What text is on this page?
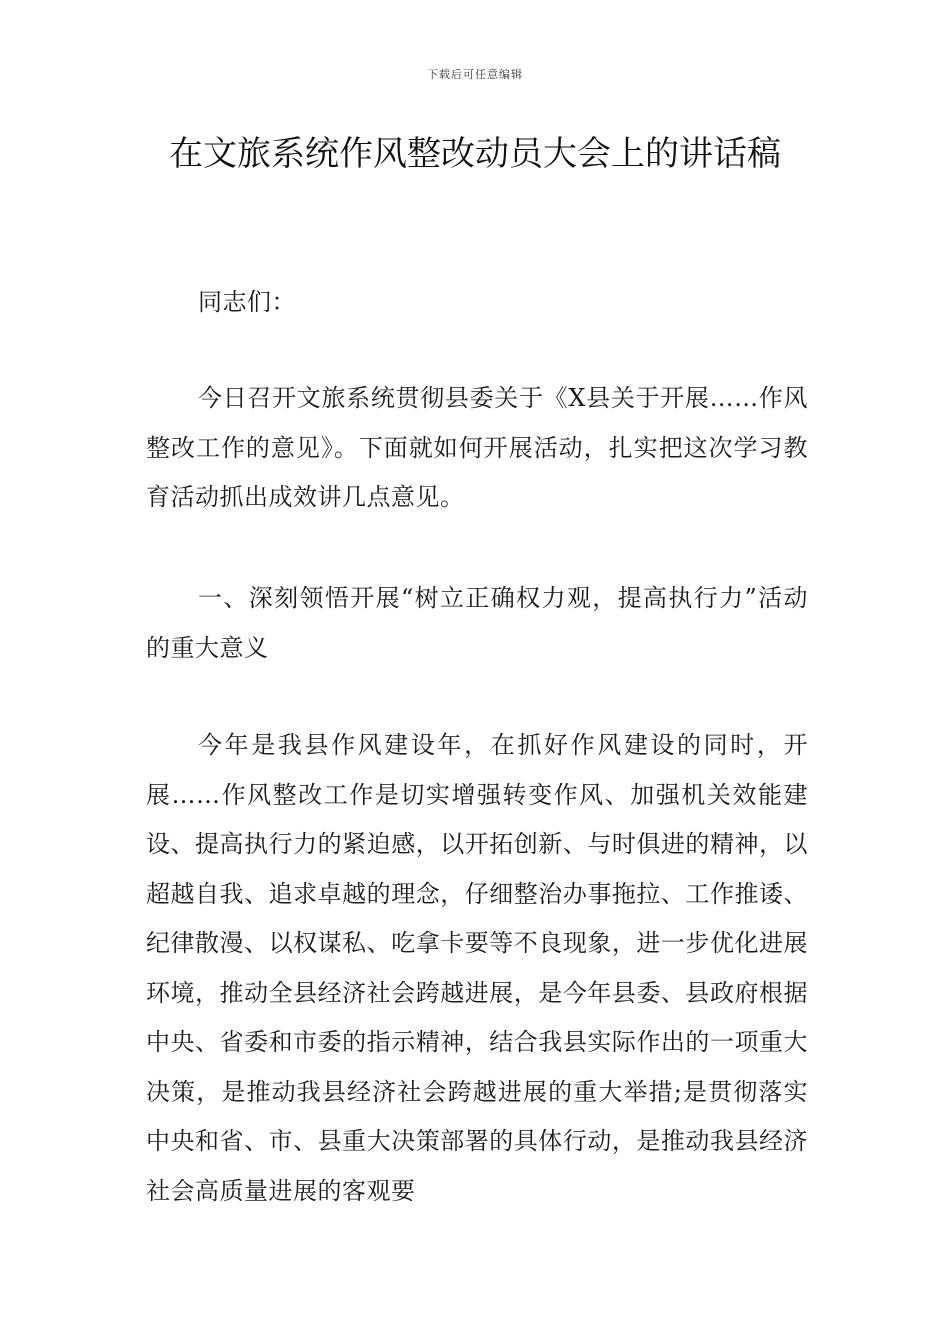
下载后可任意编辑
在文旅系统作风整改动员大会上的讲话稿

同志们：

今日召开文旅系统贯彻县委关于《X县关于开展……作风整改工作的意见》。下面就如何开展活动，扎实把这次学习教育活动抓出成效讲几点意见。

一、深刻领悟开展“树立正确权力观，提高执行力”活动的重大意义

今年是我县作风建设年，在抓好作风建设的同时，开展……作风整改工作是切实增强转变作风、加强机关效能建设、提高执行力的紧迫感，以开拓创新、与时俱进的精神，以超越自我、追求卓越的理念，仔细整治办事拖拉、工作推诿、纪律散漫、以权谋私、吃拿卡要等不良现象，进一步优化进展环境，推动全县经济社会跨越进展，是今年县委、县政府根据中央、省委和市委的指示精神，结合我县实际作出的一项重大决策，是推动我县经济社会跨越进展的重大举措;是贯彻落实中央和省、市、县重大决策部署的具体行动，是推动我县经济社会高质量进展的客观要
